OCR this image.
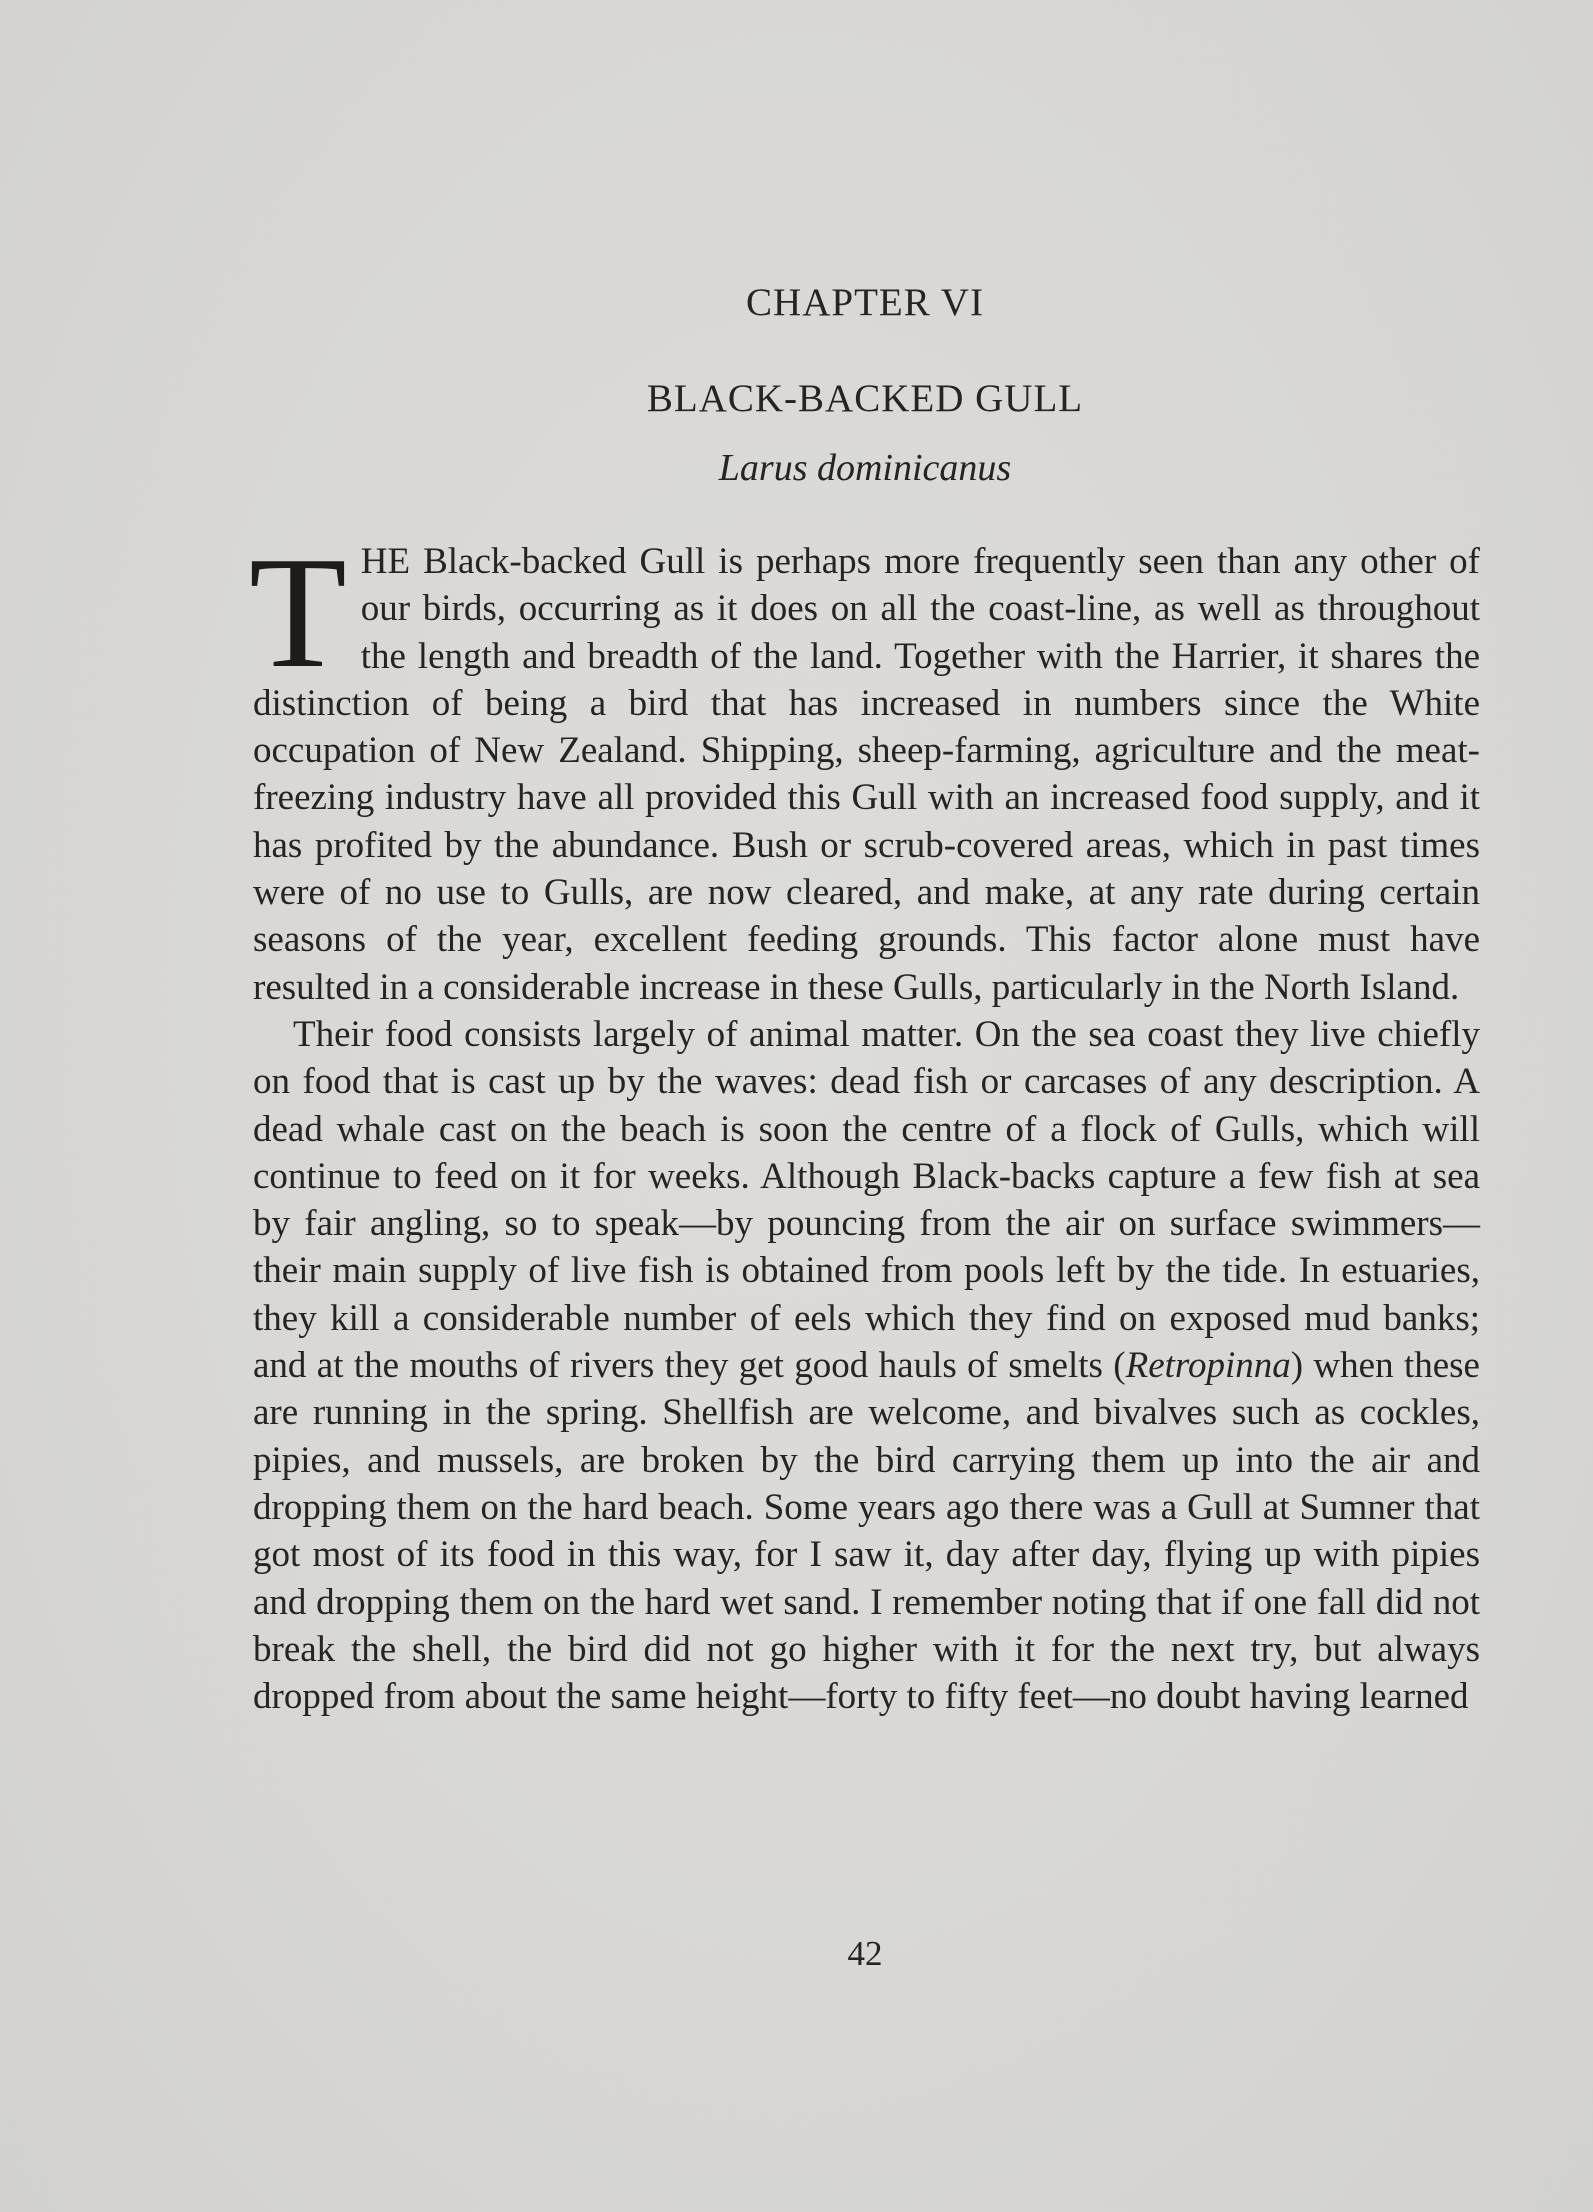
CHAPTER VI
BLACK-BACKED GULL
Larus dominicanus

THE Black-backed Gull is perhaps more frequently seen than any other of our birds, occurring as it does on all the coast-line, as well as throughout the length and breadth of the land. Together with the Harrier, it shares the distinction of being a bird that has increased in numbers since the White occupation of New Zealand. Shipping, sheep-farming, agriculture and the meat-freezing industry have all provided this Gull with an increased food supply, and it has profited by the abundance. Bush or scrub-covered areas, which in past times were of no use to Gulls, are now cleared, and make, at any rate during certain seasons of the year, excellent feeding grounds. This factor alone must have resulted in a considerable increase in these Gulls, particularly in the North Island.

Their food consists largely of animal matter. On the sea coast they live chiefly on food that is cast up by the waves: dead fish or carcases of any description. A dead whale cast on the beach is soon the centre of a flock of Gulls, which will continue to feed on it for weeks. Although Black-backs capture a few fish at sea by fair angling, so to speak—by pouncing from the air on surface swimmers—their main supply of live fish is obtained from pools left by the tide. In estuaries, they kill a considerable number of eels which they find on exposed mud banks; and at the mouths of rivers they get good hauls of smelts (Retropinna) when these are running in the spring. Shellfish are welcome, and bivalves such as cockles, pipies, and mussels, are broken by the bird carrying them up into the air and dropping them on the hard beach. Some years ago there was a Gull at Sumner that got most of its food in this way, for I saw it, day after day, flying up with pipies and dropping them on the hard wet sand. I remember noting that if one fall did not break the shell, the bird did not go higher with it for the next try, but always dropped from about the same height—forty to fifty feet—no doubt having learned

42
